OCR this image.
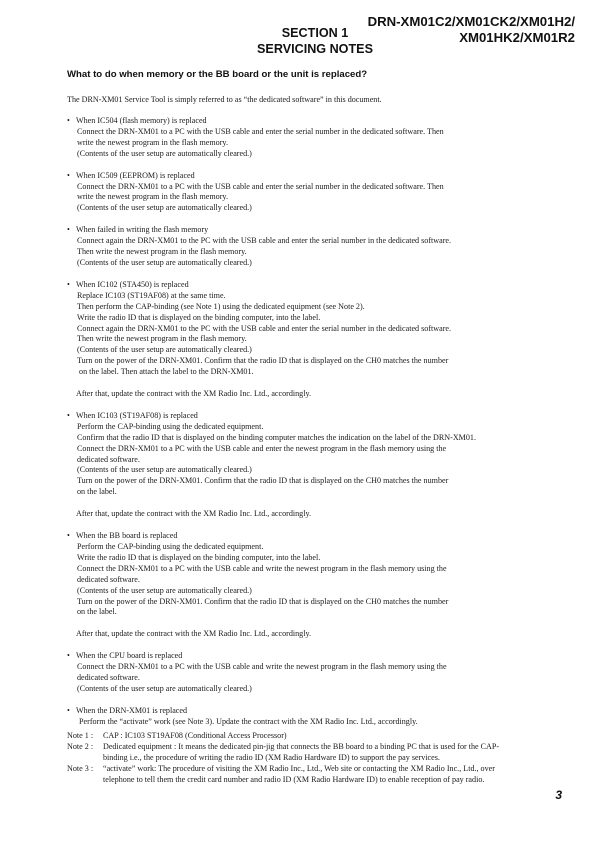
DRN-XM01C2/XM01CK2/XM01H2/
XM01HK2/XM01R2
SECTION 1
SERVICING NOTES
What to do when memory or the BB board or the unit is replaced?
The DRN-XM01 Service Tool is simply referred to as “the dedicated software” in this document.
• When IC504 (flash memory) is replaced
Connect the DRN-XM01 to a PC with the USB cable and enter the serial number in the dedicated software. Then
write the newest program in the flash memory.
(Contents of the user setup are automatically cleared.)
• When IC509 (EEPROM) is replaced
Connect the DRN-XM01 to a PC with the USB cable and enter the serial number in the dedicated software. Then
write the newest program in the flash memory.
(Contents of the user setup are automatically cleared.)
• When failed in writing the flash memory
Connect again the DRN-XM01 to the PC with the USB cable and enter the serial number in the dedicated software.
Then write the newest program in the flash memory.
(Contents of the user setup are automatically cleared.)
• When IC102 (STA450) is replaced
Replace IC103 (ST19AF08) at the same time.
Then perform the CAP-binding (see Note 1) using the dedicated equipment (see Note 2).
Write the radio ID that is displayed on the binding computer, into the label.
Connect again the DRN-XM01 to the PC with the USB cable and enter the serial number in the dedicated software.
Then write the newest program in the flash memory.
(Contents of the user setup are automatically cleared.)
Turn on the power of the DRN-XM01. Confirm that the radio ID that is displayed on the CH0 matches the number
on the label. Then attach the label to the DRN-XM01.
After that, update the contract with the XM Radio Inc. Ltd., accordingly.
• When IC103 (ST19AF08) is replaced
Perform the CAP-binding using the dedicated equipment.
Confirm that the radio ID that is displayed on the binding computer matches the indication on the label of the DRN-XM01.
Connect the DRN-XM01 to a PC with the USB cable and enter the newest program in the flash memory using the
dedicated software.
(Contents of the user setup are automatically cleared.)
Turn on the power of the DRN-XM01. Confirm that the radio ID that is displayed on the CH0 matches the number
on the label.
After that, update the contract with the XM Radio Inc. Ltd., accordingly.
• When the BB board is replaced
Perform the CAP-binding using the dedicated equipment.
Write the radio ID that is displayed on the binding computer, into the label.
Connect the DRN-XM01 to a PC with the USB cable and write the newest program in the flash memory using the
dedicated software.
(Contents of the user setup are automatically cleared.)
Turn on the power of the DRN-XM01. Confirm that the radio ID that is displayed on the CH0 matches the number
on the label.
After that, update the contract with the XM Radio Inc. Ltd., accordingly.
• When the CPU board is replaced
Connect the DRN-XM01 to a PC with the USB cable and write the newest program in the flash memory using the
dedicated software.
(Contents of the user setup are automatically cleared.)
• When the DRN-XM01 is replaced
Perform the “activate” work (see Note 3). Update the contract with the XM Radio Inc. Ltd., accordingly.
Note 1 :	CAP : IC103 ST19AF08 (Conditional Access Processor)
Note 2 :	Dedicated equipment : It means the dedicated pin-jig that connects the BB board to a binding PC that is used for the CAP-binding i.e., the procedure of writing the radio ID (XM Radio Hardware ID) to support the pay services.
Note 3 :	“activate” work: The procedure of visiting the XM Radio Inc., Ltd., Web site or contacting the XM Radio Inc., Ltd., over telephone to tell them the credit card number and radio ID (XM Radio Hardware ID) to enable reception of pay radio.
3
